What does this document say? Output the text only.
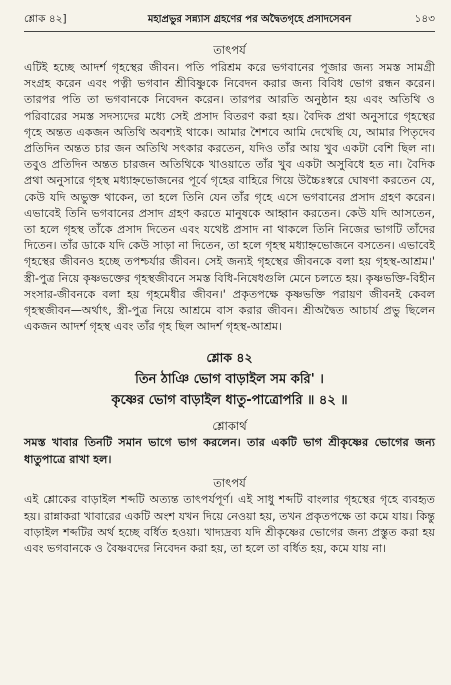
শ্লোক ৪২]	মহাপ্রভুর সন্ন্যাস গ্রহণের পর অদ্বৈতগৃহে প্রসাদসেবন	১৪৩
তাৎপর্য

এটিই হচ্ছে আদর্শ গৃহস্থের জীবন। পতি পরিশ্রম করে ভগবানের পূজার জন্য সমস্ত সামগ্রী সংগ্রহ করেন এবং পত্নী ভগবান শ্রীবিষ্ণুকে নিবেদন করার জন্য বিবিধ ভোগ রন্ধন করেন। তারপর পতি তা ভগবানকে নিবেদন করেন। তারপর আরতি অনুষ্ঠান হয় এবং অতিথি ও পরিবারের সমস্ত সদস্যদের মধ্যে সেই প্রসাদ বিতরণ করা হয়। বৈদিক প্রথা অনুসারে গৃহস্থের গৃহে অন্তত একজন অতিথি অবশ্যই থাকে। আমার শৈশবে আমি দেখেছি যে, আমার পিতৃদেব প্রতিদিন অন্তত চার জন অতিথি সৎকার করতেন, যদিও তাঁর আয় খুব একটা বেশি ছিল না। তবুও প্রতিদিন অন্তত চারজন অতিথিকে খাওয়াতে তাঁর খুব একটা অসুবিধে হত না। বৈদিক প্রথা অনুসারে গৃহস্থ মধ্যাহ্নভোজনের পূর্বে গৃহের বাহিরে গিয়ে উচ্চৈঃস্বরে ঘোষণা করতেন যে, কেউ যদি অভুক্ত থাকেন, তা হলে তিনি যেন তাঁর গৃহে এসে ভগবানের প্রসাদ গ্রহণ করেন। এভাবেই তিনি ভগবানের প্রসাদ গ্রহণ করতে মানুষকে আহ্বান করতেন। কেউ যদি আসতেন, তা হলে গৃহস্থ তাঁকে প্রসাদ দিতেন এবং যথেষ্ট প্রসাদ না থাকলে তিনি নিজের ভাগটি তাঁদের দিতেন। তাঁর ডাকে যদি কেউ সাড়া না দিতেন, তা হলে গৃহস্থ মধ্যাহ্নভোজনে বসতেন। এভাবেই গৃহস্থের জীবনও হচ্ছে তপশ্চর্যার জীবন। সেই জন্যই গৃহস্থের জীবনকে বলা হয় গৃহস্থ-আশ্রম।' স্ত্রী-পুত্র নিয়ে কৃষ্ণভক্তের গৃহস্থজীবনে সমস্ত বিধি-নিষেধগুলি মেনে চলতে হয়। কৃষ্ণভক্তি-বিহীন সংসার-জীবনকে বলা হয় গৃহমেধীর জীবন।' প্রকৃতপক্ষে কৃষ্ণভক্তি পরায়ণ জীবনই কেবল গৃহস্থজীবন—অর্থাৎ, স্ত্রী-পুত্র নিয়ে আশ্রমে বাস করার জীবন। শ্রীঅদ্বৈত আচার্য প্রভু ছিলেন একজন আদর্শ গৃহস্থ এবং তাঁর গৃহ ছিল আদর্শ গৃহস্থ-আশ্রম।

শ্লোক ৪২

তিন ঠাঞি ভোগ বাড়াইল সম করি' ।

কৃষ্ণের ভোগ বাড়াইল ধাতু-পাত্রোপরি ॥ ৪২ ॥

শ্লোকার্থ

সমস্ত খাবার তিনটি সমান ভাগে ভাগ করলেন। তার একটি ভাগ শ্রীকৃষ্ণের ভোগের জন্য ধাতুপাত্রে রাখা হল।

তাৎপর্য

এই শ্লোকের বাড়াইল শব্দটি অত্যন্ত তাৎপর্যপূর্ণ। এই সাধু শব্দটি বাংলার গৃহস্থের গৃহে ব্যবহৃত হয়। রান্নাকরা খাবারের একটি অংশ যখন দিয়ে নেওয়া হয়, তখন প্রকৃতপক্ষে তা কমে যায়। কিন্তু বাড়াইল শব্দটির অর্থ হচ্ছে বর্ধিত হওয়া। খাদ্যদ্রব্য যদি শ্রীকৃষ্ণের ভোগের জন্য প্রস্তুত করা হয় এবং ভগবানকে ও বৈষ্ণবদের নিবেদন করা হয়, তা হলে তা বর্ধিত হয়, কমে যায় না।
